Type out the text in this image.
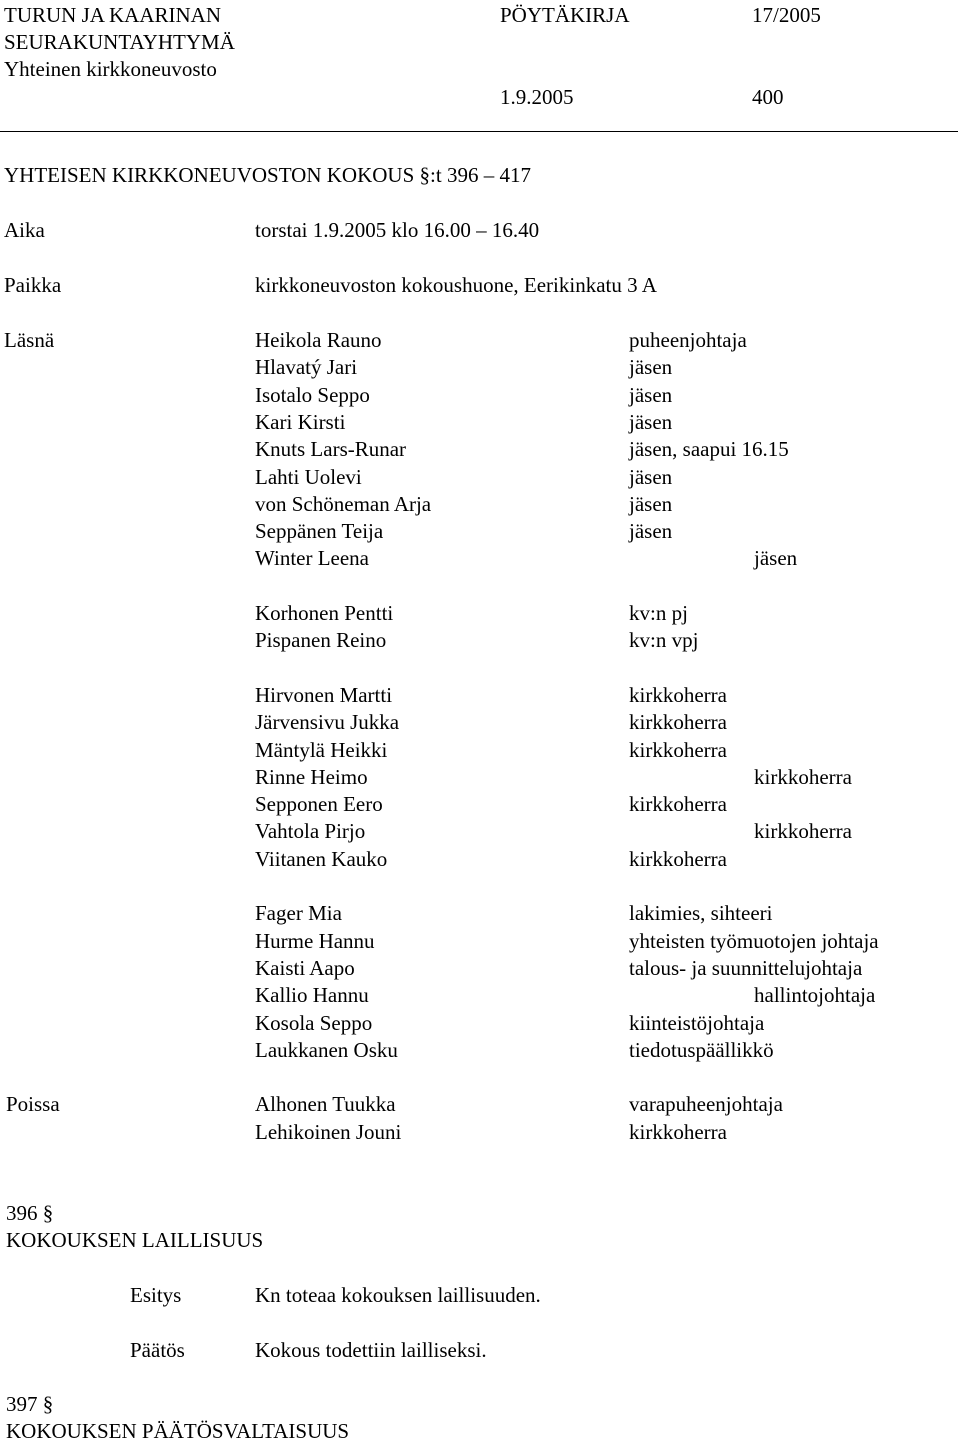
TURUN JA KAARINAN
SEURAKUNTAYHTYMÄ
Yhteinen kirkkoneuvosto
PÖYTÄKIRJA	17/2005
1.9.2005	400
YHTEISEN KIRKKONEUVOSTON KOKOUS §:t 396 – 417
Aika	torstai 1.9.2005 klo 16.00 – 16.40
Paikka	kirkkoneuvoston kokoushuone, Eerikinkatu 3 A
Läsnä	Heikola Rauno	puheenjohtaja
Hlavatý Jari	jäsen
Isotalo Seppo	jäsen
Kari Kirsti	jäsen
Knuts Lars-Runar	jäsen, saapui 16.15
Lahti Uolevi	jäsen
von Schöneman Arja	jäsen
Seppänen Teija	jäsen
Winter Leena	jäsen
Korhonen Pentti	kv:n pj
Pispanen Reino	kv:n vpj
Hirvonen Martti	kirkkoherra
Järvensivu Jukka	kirkkoherra
Mäntylä Heikki	kirkkoherra
Rinne Heimo	kirkkoherra
Sepponen Eero	kirkkoherra
Vahtola Pirjo	kirkkoherra
Viitanen Kauko	kirkkoherra
Fager Mia	lakimies, sihteeri
Hurme Hannu	yhteisten työmuotojen johtaja
Kaisti Aapo	talous- ja suunnittelujohtaja
Kallio Hannu	hallintojohtaja
Kosola Seppo	kiinteistöjohtaja
Laukkanen Osku	tiedotuspäällikkö
Poissa	Alhonen Tuukka	varapuheenjohtaja
Lehikoinen Jouni	kirkkoherra
396 §
KOKOUKSEN LAILLISUUS
Esitys	Kn toteaa kokouksen laillisuuden.
Päätös	Kokous todettiin lailliseksi.
397 §
KOKOUKSEN PÄÄTÖSVALTAISUUS
